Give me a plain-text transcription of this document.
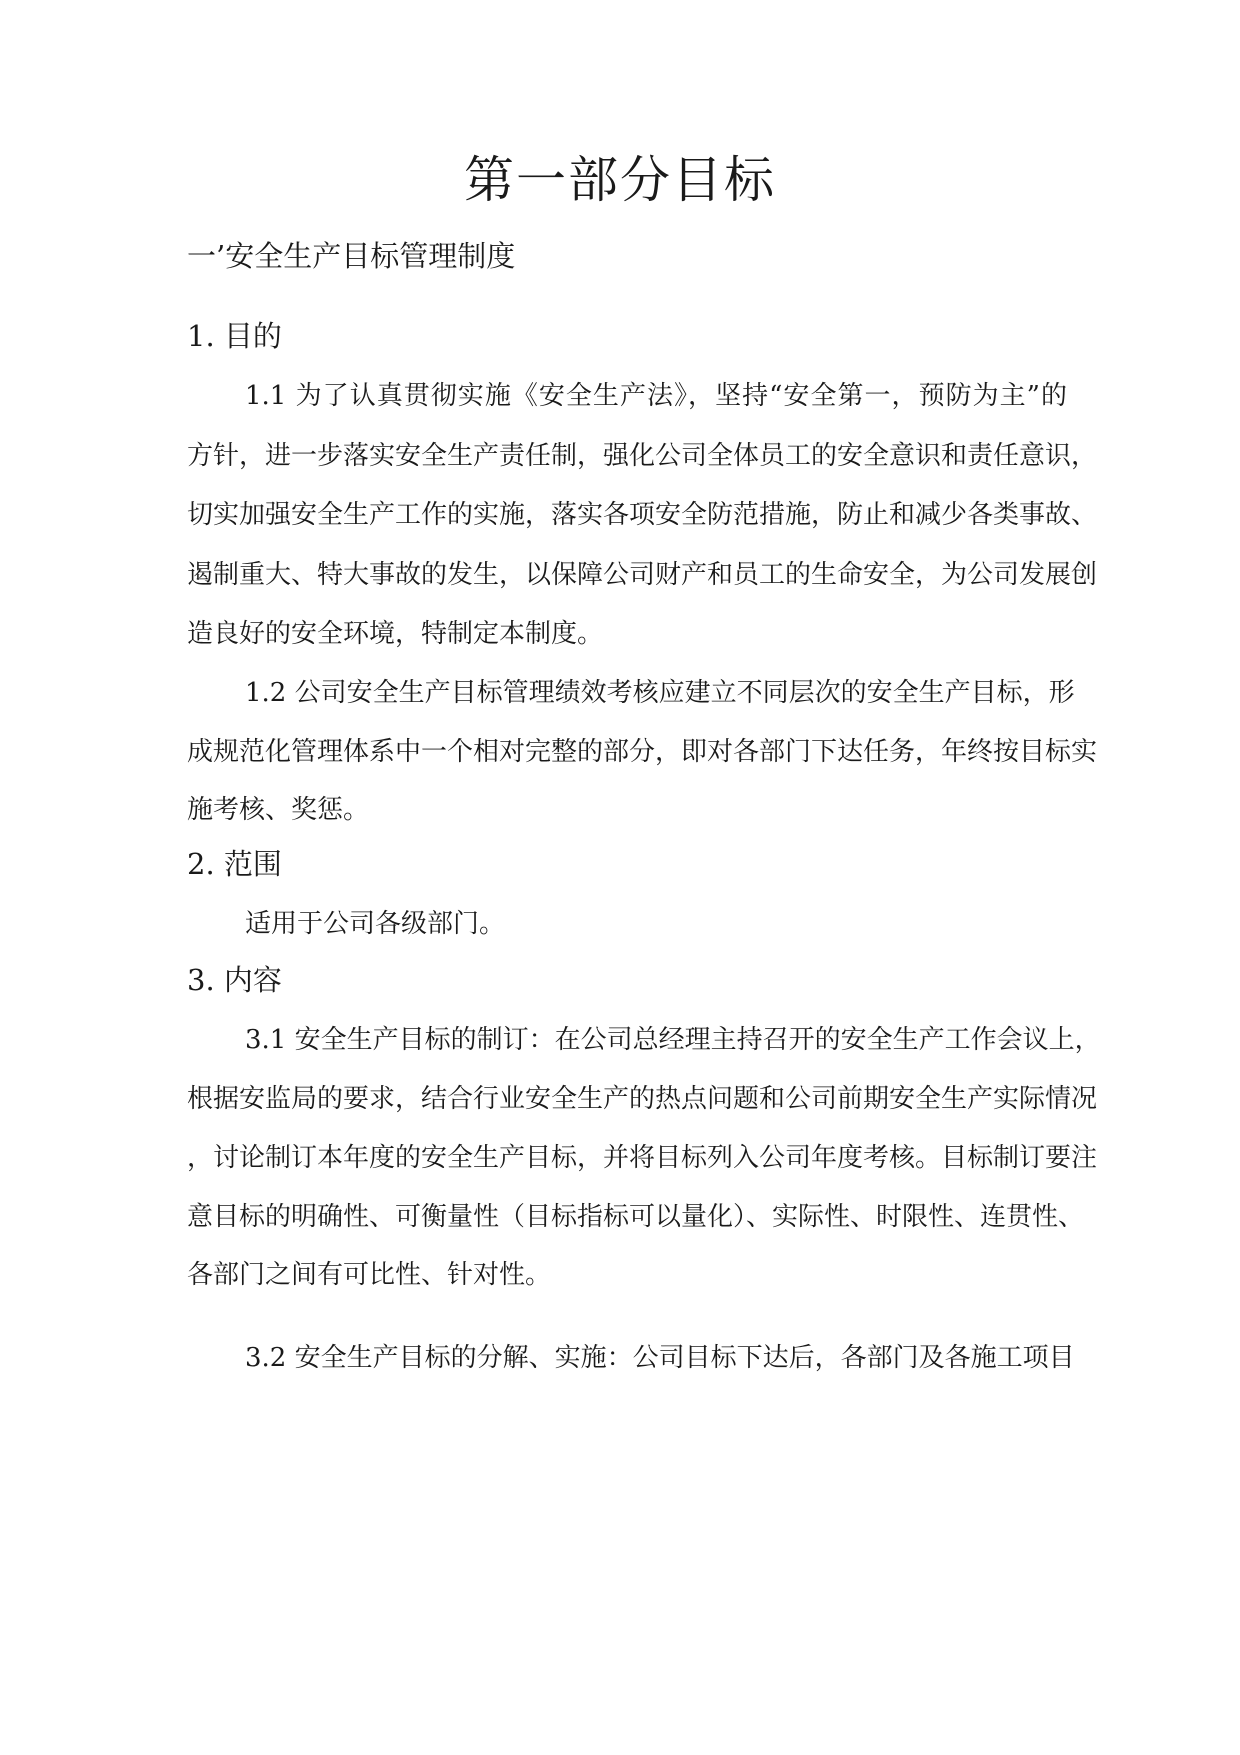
第一部分目标

一’安全生产目标管理制度

1. 目的

1.1 为了认真贯彻实施《安全生产法》，坚持“安全第一，预防为主”的

方针，进一步落实安全生产责任制，强化公司全体员工的安全意识和责任意识，

切实加强安全生产工作的实施，落实各项安全防范措施，防止和减少各类事故、

遏制重大、特大事故的发生，以保障公司财产和员工的生命安全，为公司发展创

造良好的安全环境，特制定本制度。

1.2 公司安全生产目标管理绩效考核应建立不同层次的安全生产目标，形

成规范化管理体系中一个相对完整的部分，即对各部门下达任务，年终按目标实

施考核、奖惩。

2. 范围

适用于公司各级部门。

3. 内容

3.1 安全生产目标的制订：在公司总经理主持召开的安全生产工作会议上，

根据安监局的要求，结合行业安全生产的热点问题和公司前期安全生产实际情况

，讨论制订本年度的安全生产目标，并将目标列入公司年度考核。目标制订要注

意目标的明确性、可衡量性（目标指标可以量化）、实际性、时限性、连贯性、

各部门之间有可比性、针对性。

3.2 安全生产目标的分解、实施：公司目标下达后，各部门及各施工项目
